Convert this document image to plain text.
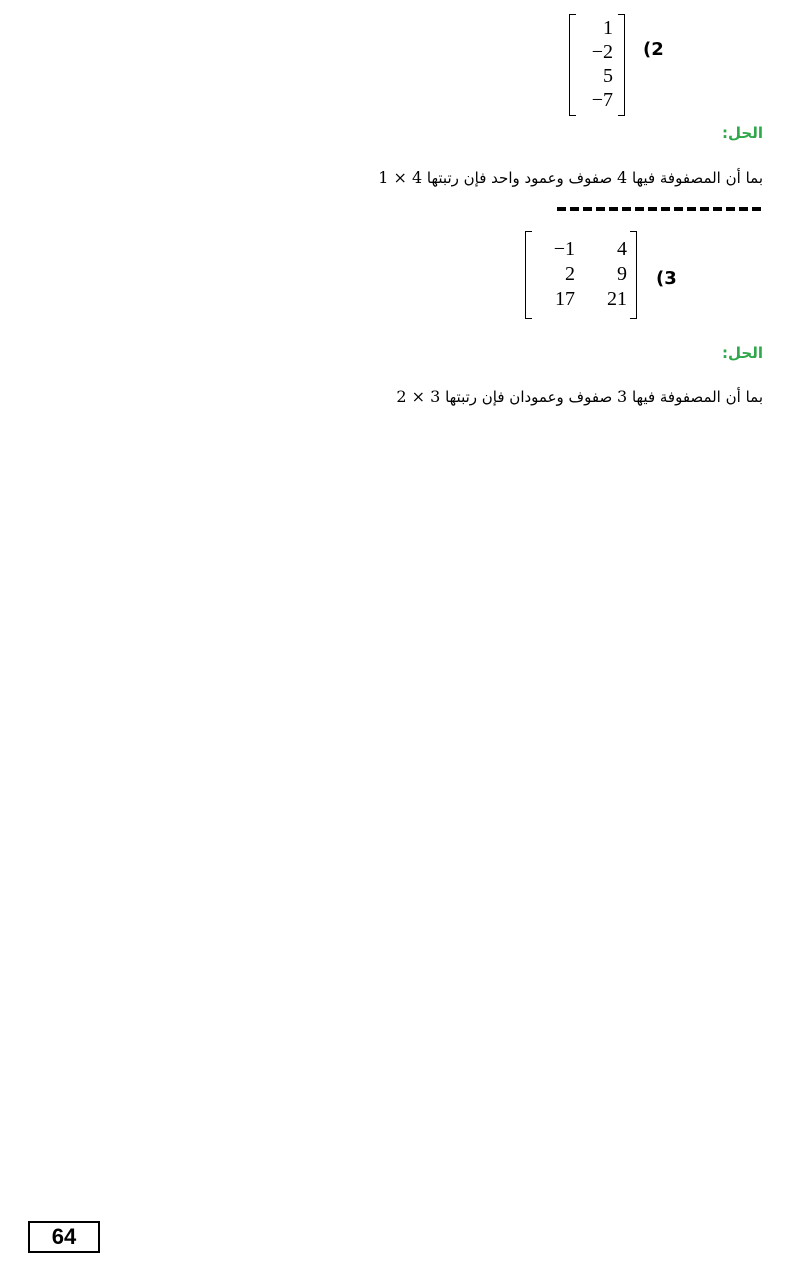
1
−2
5
−7
(2
الحل:
بما أن المصفوفة فيها 4 صفوف وعمود واحد فإن رتبتها 1 × 4
−1 4
2 9
17 21
(3
الحل:
بما أن المصفوفة فيها 3 صفوف وعمودان فإن رتبتها 2 × 3
64
